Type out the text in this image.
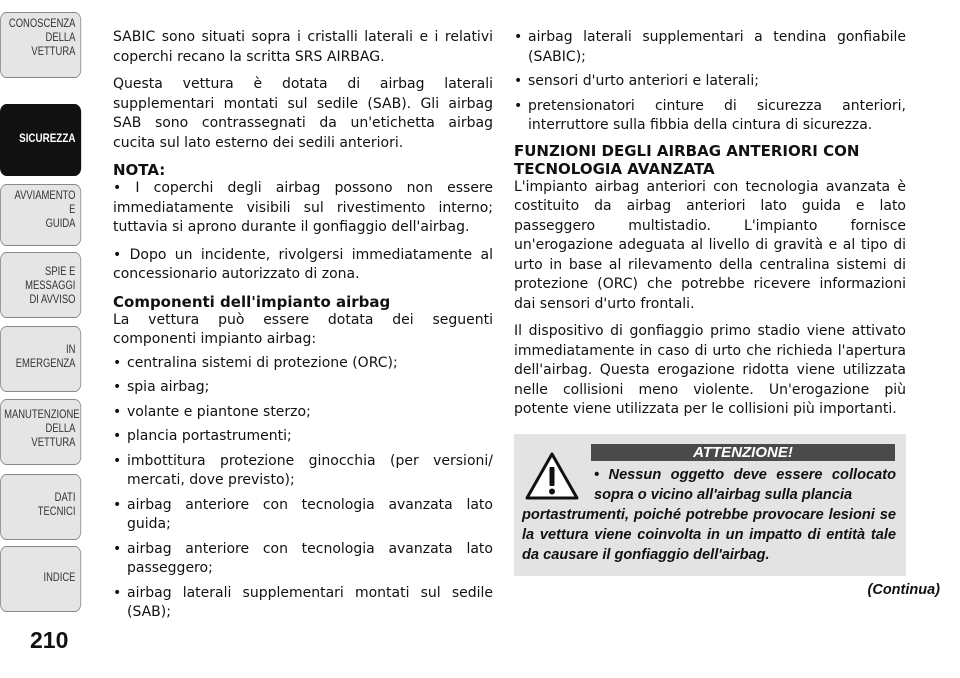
CONOSCENZA
DELLA
VETTURA
SICUREZZA
AVVIAMENTO
E
GUIDA
SPIE E
MESSAGGI
DI AVVISO
IN
EMERGENZA
MANUTENZIONE
DELLA
VETTURA
DATI
TECNICI
INDICE
210

SABIC sono situati sopra i cristalli laterali e i relativi coperchi recano la scritta SRS AIRBAG.

Questa vettura è dotata di airbag laterali supplementari montati sul sedile (SAB). Gli airbag SAB sono contrassegnati da un'etichetta airbag cucita sul lato esterno dei sedili anteriori.

NOTA:

• I coperchi degli airbag possono non essere immediatamente visibili sul rivestimento interno; tuttavia si aprono durante il gonfiaggio dell'airbag.

• Dopo un incidente, rivolgersi immediatamente al concessionario autorizzato di zona.

Componenti dell'impianto airbag

La vettura può essere dotata dei seguenti componenti impianto airbag:

• centralina sistemi di protezione (ORC);
• spia airbag;
• volante e piantone sterzo;
• plancia portastrumenti;
• imbottitura protezione ginocchia (per versioni/ mercati, dove previsto);
• airbag anteriore con tecnologia avanzata lato guida;
• airbag anteriore con tecnologia avanzata lato passeggero;
• airbag laterali supplementari montati sul sedile (SAB);
• airbag laterali supplementari a tendina gonfiabile (SABIC);
• sensori d'urto anteriori e laterali;
• pretensionatori cinture di sicurezza anteriori, interruttore sulla fibbia della cintura di sicurezza.
FUNZIONI DEGLI AIRBAG ANTERIORI CON TECNOLOGIA AVANZATA

L'impianto airbag anteriori con tecnologia avanzata è costituito da airbag anteriori lato guida e lato passeggero multistadio. L'impianto fornisce un'erogazione adeguata al livello di gravità e al tipo di urto in base al rilevamento della centralina sistemi di protezione (ORC) che potrebbe ricevere informazioni dai sensori d'urto frontali.

Il dispositivo di gonfiaggio primo stadio viene attivato immediatamente in caso di urto che richieda l'apertura dell'airbag. Questa erogazione ridotta viene utilizzata nelle collisioni meno violente. Un'erogazione più potente viene utilizzata per le collisioni più importanti.

ATTENZIONE!
• Nessun oggetto deve essere collocato sopra o vicino all'airbag sulla plancia
portastrumenti, poiché potrebbe provocare lesioni se la vettura viene coinvolta in un impatto di entità tale da causare il gonfiaggio dell'airbag.
(Continua)
